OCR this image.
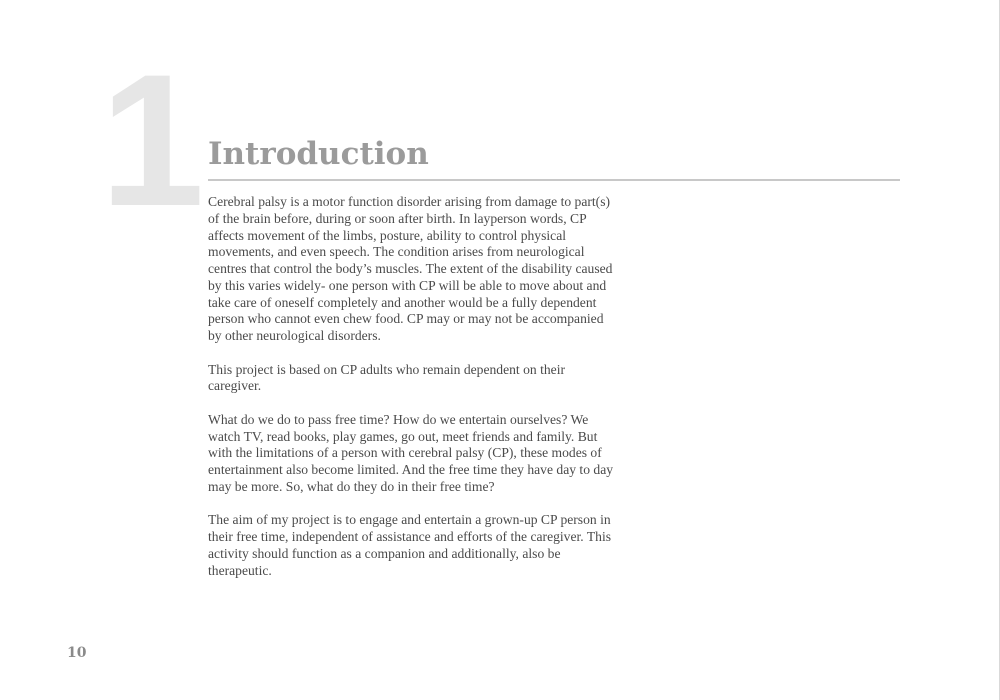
1 Introduction

Cerebral palsy is a motor function disorder arising from damage to part(s) of the brain before, during or soon after birth. In layperson words, CP affects movement of the limbs, posture, ability to control physical movements, and even speech. The condition arises from neurological centres that control the body’s muscles. The extent of the disability caused by this varies widely- one person with CP will be able to move about and take care of oneself completely and another would be a fully dependent person who cannot even chew food. CP may or may not be accompanied by other neurological disorders.

This project is based on CP adults who remain dependent on their caregiver.

What do we do to pass free time? How do we entertain ourselves? We watch TV, read books, play games, go out, meet friends and family. But with the limitations of a person with cerebral palsy (CP), these modes of entertainment also become limited. And the free time they have day to day may be more. So, what do they do in their free time?

The aim of my project is to engage and entertain a grown-up CP person in their free time, independent of assistance and efforts of the caregiver. This activity should function as a companion and additionally, also be therapeutic.

10
